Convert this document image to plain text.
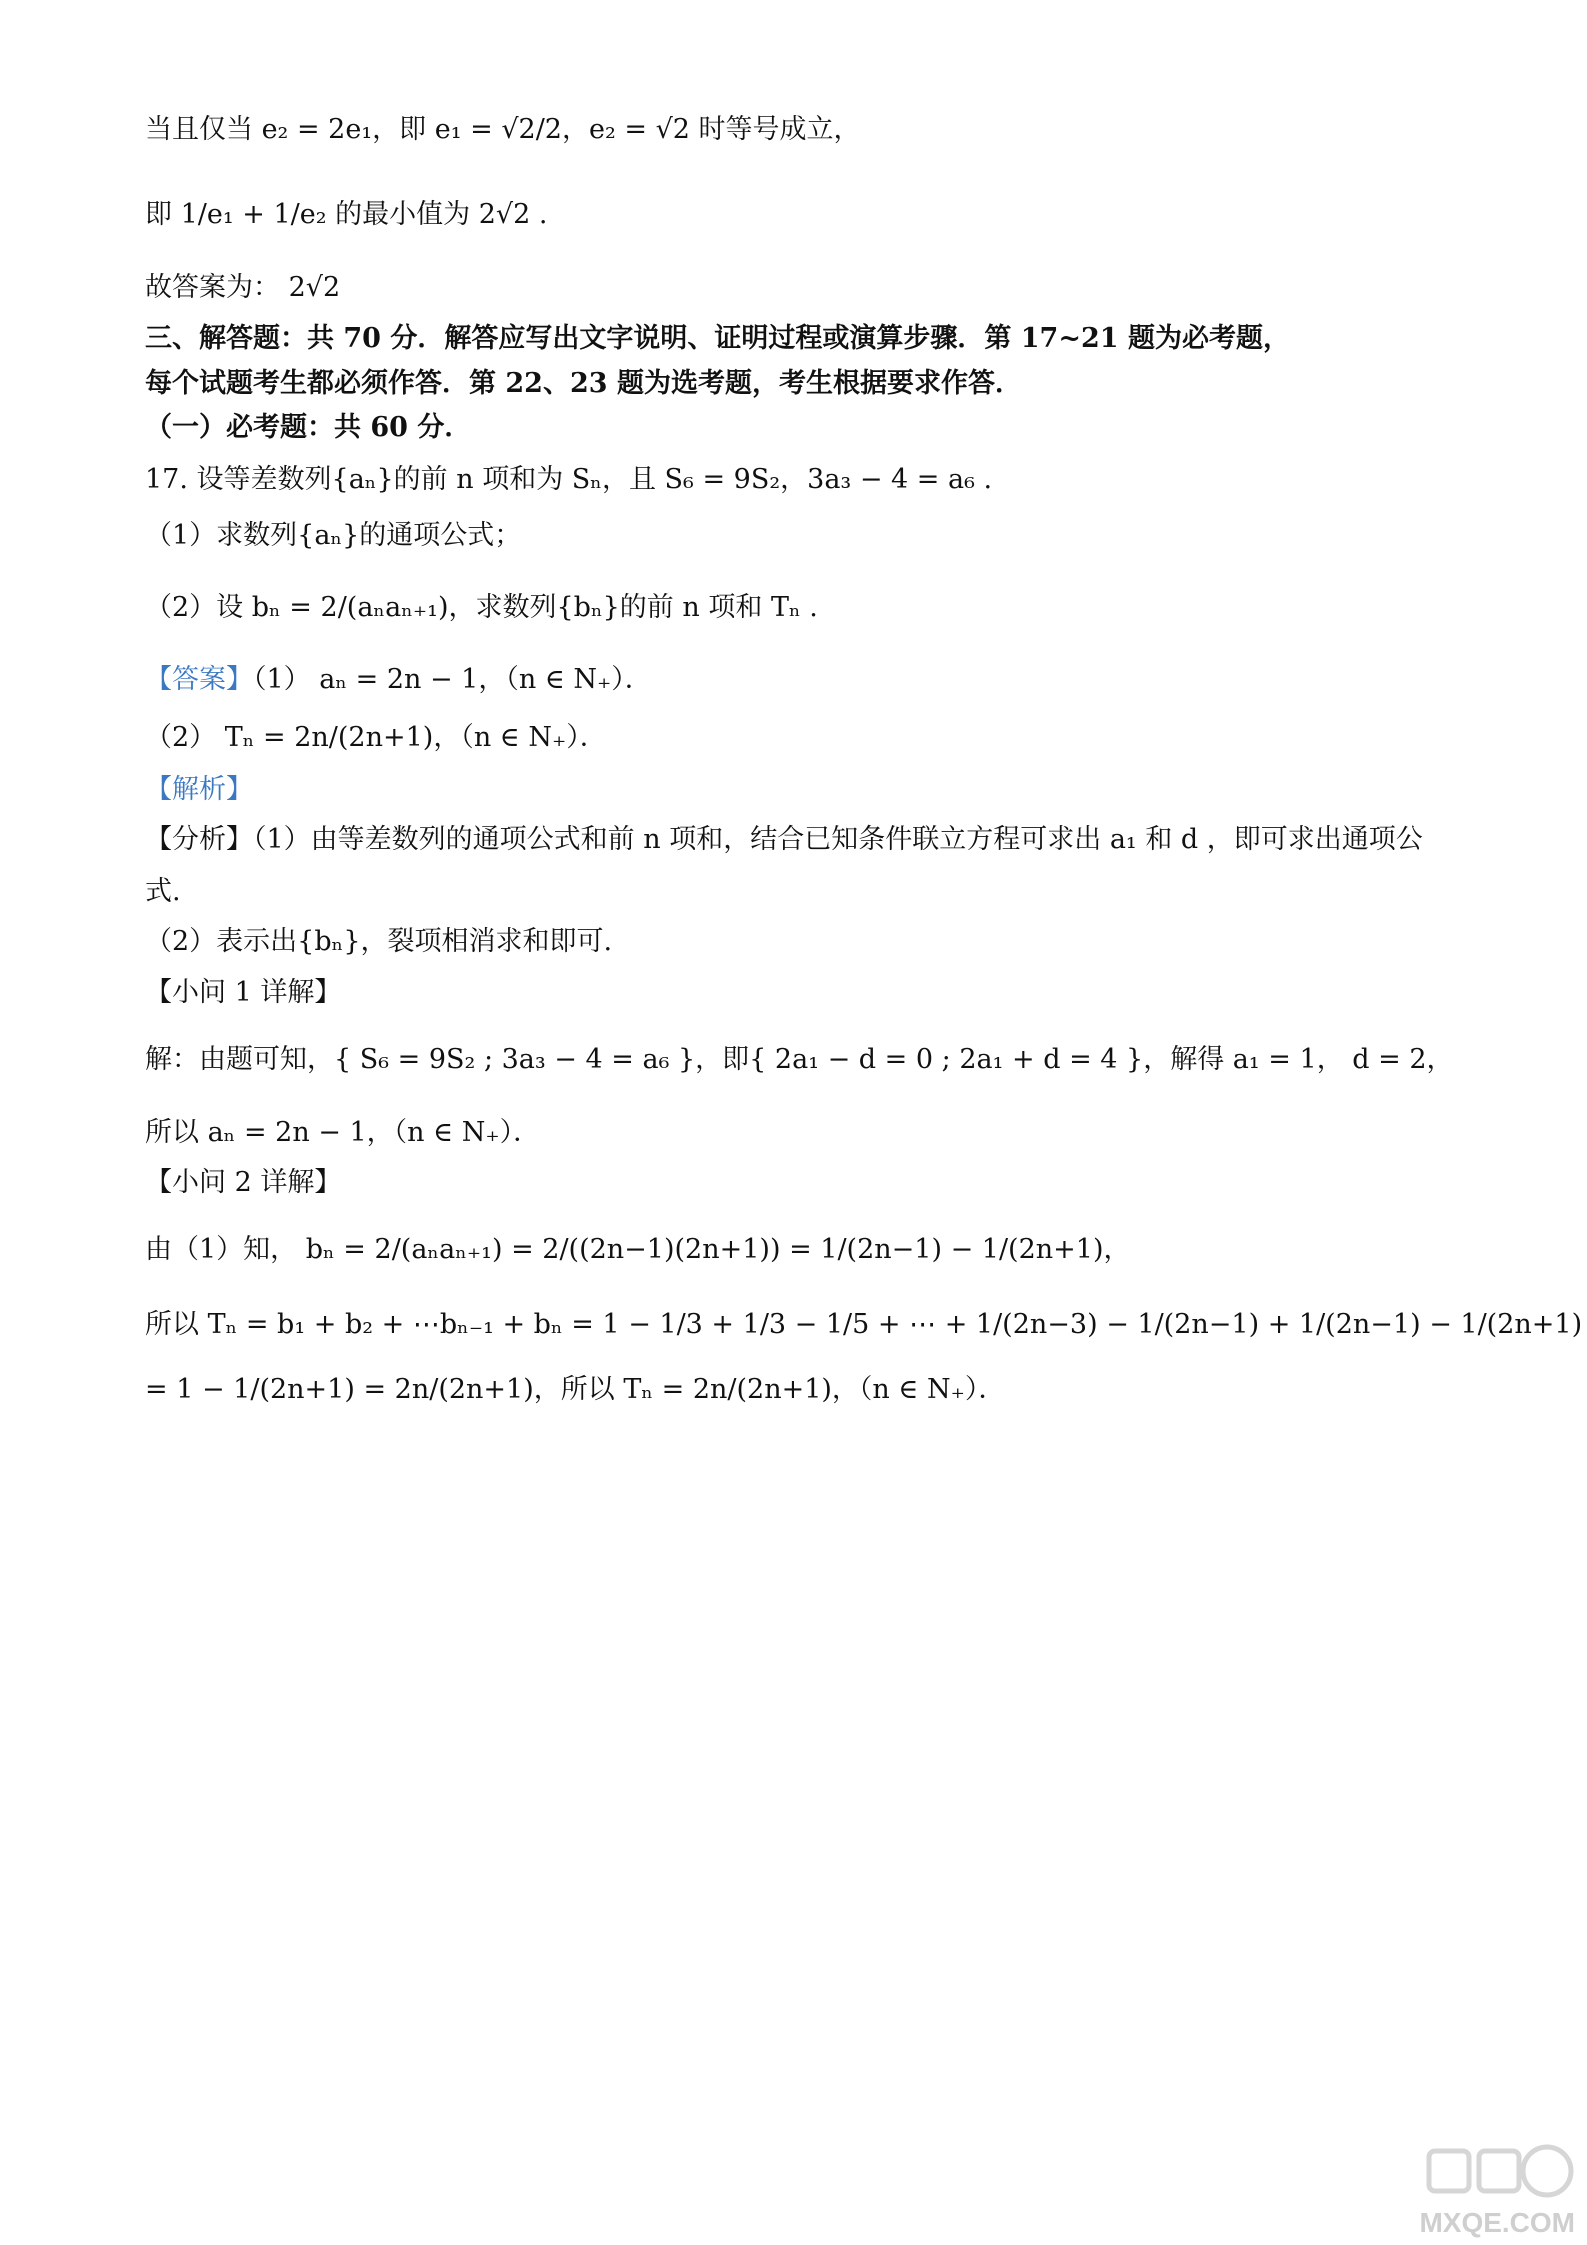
当且仅当 e₂ = 2e₁，即 e₁ = √2/2，e₂ = √2 时等号成立，
即 1/e₁ + 1/e₂ 的最小值为 2√2 .
故答案为： 2√2
三、解答题：共 70 分．解答应写出文字说明、证明过程或演算步骤．第 17~21 题为必考题，
每个试题考生都必须作答．第 22、23 题为选考题，考生根据要求作答．
（一）必考题：共 60 分．
17. 设等差数列{aₙ}的前 n 项和为 Sₙ，且 S₆ = 9S₂，3a₃ − 4 = a₆ .
（1）求数列{aₙ}的通项公式；
（2）设 bₙ = 2/(aₙaₙ₊₁)，求数列{bₙ}的前 n 项和 Tₙ .
【答案】（1） aₙ = 2n − 1，（n ∈ N₊）．
（2） Tₙ = 2n/(2n+1)，（n ∈ N₊）．
【解析】
【分析】（1）由等差数列的通项公式和前 n 项和，结合已知条件联立方程可求出 a₁ 和 d ，即可求出通项公
式.
（2）表示出{bₙ}，裂项相消求和即可.
【小问 1 详解】
解：由题可知，{ S₆ = 9S₂ ; 3a₃ − 4 = a₆ }，即{ 2a₁ − d = 0 ; 2a₁ + d = 4 }，解得 a₁ = 1， d = 2，
所以 aₙ = 2n − 1，（n ∈ N₊）．
【小问 2 详解】
由（1）知， bₙ = 2/(aₙaₙ₊₁) = 2/((2n−1)(2n+1)) = 1/(2n−1) − 1/(2n+1)，
所以 Tₙ = b₁ + b₂ + ⋯bₙ₋₁ + bₙ = 1 − 1/3 + 1/3 − 1/5 + ⋯ + 1/(2n−3) − 1/(2n−1) + 1/(2n−1) − 1/(2n+1)
= 1 − 1/(2n+1) = 2n/(2n+1)，所以 Tₙ = 2n/(2n+1)，（n ∈ N₊）．
MXQE.COM
